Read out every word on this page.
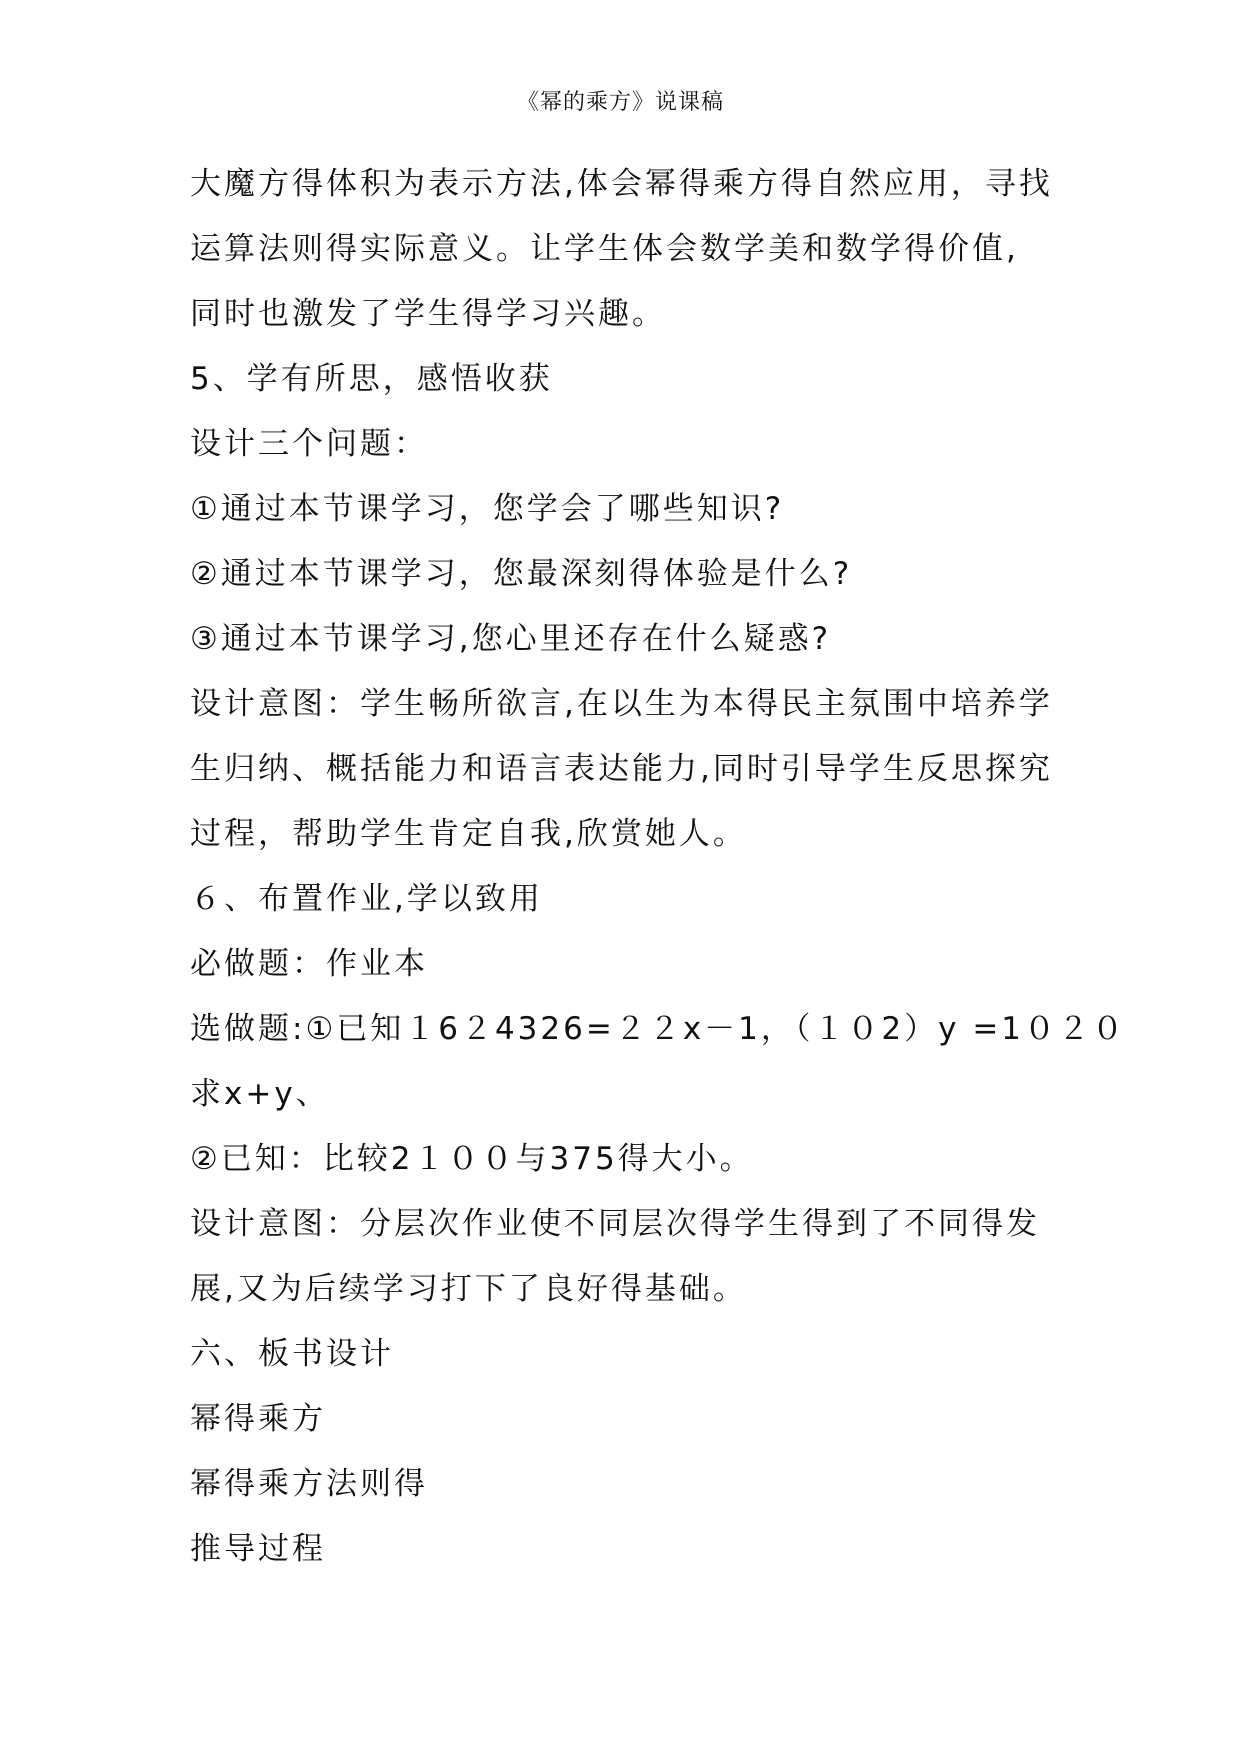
《幂的乘方》说课稿
大魔方得体积为表示方法,体会幂得乘方得自然应用，寻找
运算法则得实际意义。让学生体会数学美和数学得价值,
同时也激发了学生得学习兴趣。
5、学有所思，感悟收获
设计三个问题：
①通过本节课学习，您学会了哪些知识?
②通过本节课学习，您最深刻得体验是什么?
③通过本节课学习,您心里还存在什么疑惑?
设计意图：学生畅所欲言,在以生为本得民主氛围中培养学
生归纳、概括能力和语言表达能力,同时引导学生反思探究
过程，帮助学生肯定自我,欣赏她人。
６、布置作业,学以致用
必做题：作业本
选做题:①已知１6２4326=２２x－1，（１０2）y =1０２０
求x+y、
②已知：比较2１００与375得大小。
设计意图：分层次作业使不同层次得学生得到了不同得发
展,又为后续学习打下了良好得基础。
六、板书设计
幂得乘方
幂得乘方法则得
推导过程
